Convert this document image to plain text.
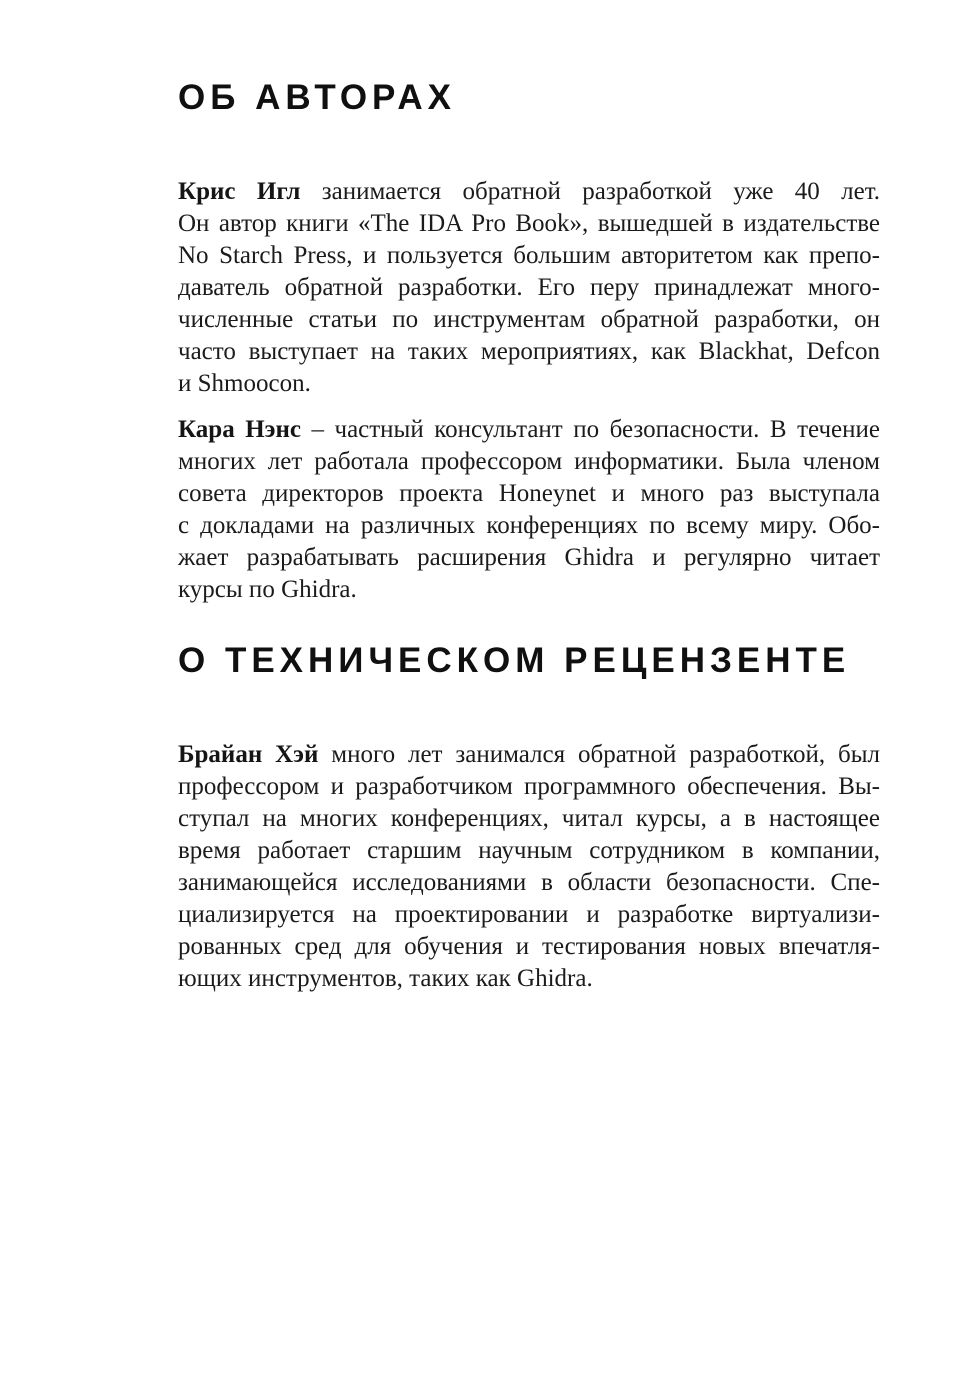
ОБ АВТОРАХ

Крис Игл занимается обратной разработкой уже 40 лет.
Он автор книги «The IDA Pro Book», вышедшей в издательстве
No Starch Press, и пользуется большим авторитетом как препо-
даватель обратной разработки. Его перу принадлежат много-
численные статьи по инструментам обратной разработки, он
часто выступает на таких мероприятиях, как Blackhat, Defcon
и Shmoocon.

Кара Нэнс – частный консультант по безопасности. В течение
многих лет работала профессором информатики. Была членом
совета директоров проекта Honeynet и много раз выступала
с докладами на различных конференциях по всему миру. Обо-
жает разрабатывать расширения Ghidra и регулярно читает
курсы по Ghidra.

О ТЕХНИЧЕСКОМ РЕЦЕНЗЕНТЕ

Брайан Хэй много лет занимался обратной разработкой, был
профессором и разработчиком программного обеспечения. Вы-
ступал на многих конференциях, читал курсы, а в настоящее
время работает старшим научным сотрудником в компании,
занимающейся исследованиями в области безопасности. Спе-
циализируется на проектировании и разработке виртуализи-
рованных сред для обучения и тестирования новых впечатля-
ющих инструментов, таких как Ghidra.
